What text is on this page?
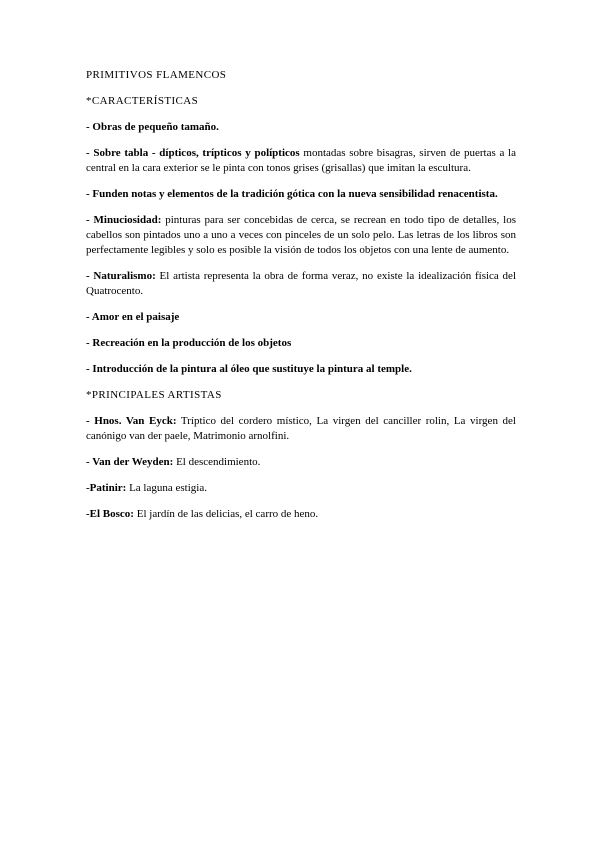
PRIMITIVOS FLAMENCOS

*CARACTERÍSTICAS

- Obras de pequeño tamaño.

- Sobre tabla - dípticos, trípticos y polípticos montadas sobre bisagras, sirven de puertas a la central en la cara exterior se le pinta con tonos grises (grisallas) que imitan la escultura.

- Funden notas y elementos de la tradición gótica con la nueva sensibilidad renacentista.

- Minuciosidad: pinturas para ser concebidas de cerca, se recrean en todo tipo de detalles, los cabellos son pintados uno a uno a veces con pinceles de un solo pelo. Las letras de los libros son perfectamente legibles y solo es posible la visión de todos los objetos con una lente de aumento.

- Naturalismo: El artista representa la obra de forma veraz, no existe la idealización física del Quatrocento.

- Amor en el paisaje

- Recreación en la producción de los objetos

- Introducción de la pintura al óleo que sustituye la pintura al temple.

*PRINCIPALES ARTISTAS

- Hnos. Van Eyck: Tríptico del cordero místico, La virgen del canciller rolin, La virgen del canónigo van der paele, Matrimonio arnolfini.

- Van der Weyden: El descendimiento.

-Patinir: La laguna estigia.

-El Bosco: El jardín de las delicias, el carro de heno.
